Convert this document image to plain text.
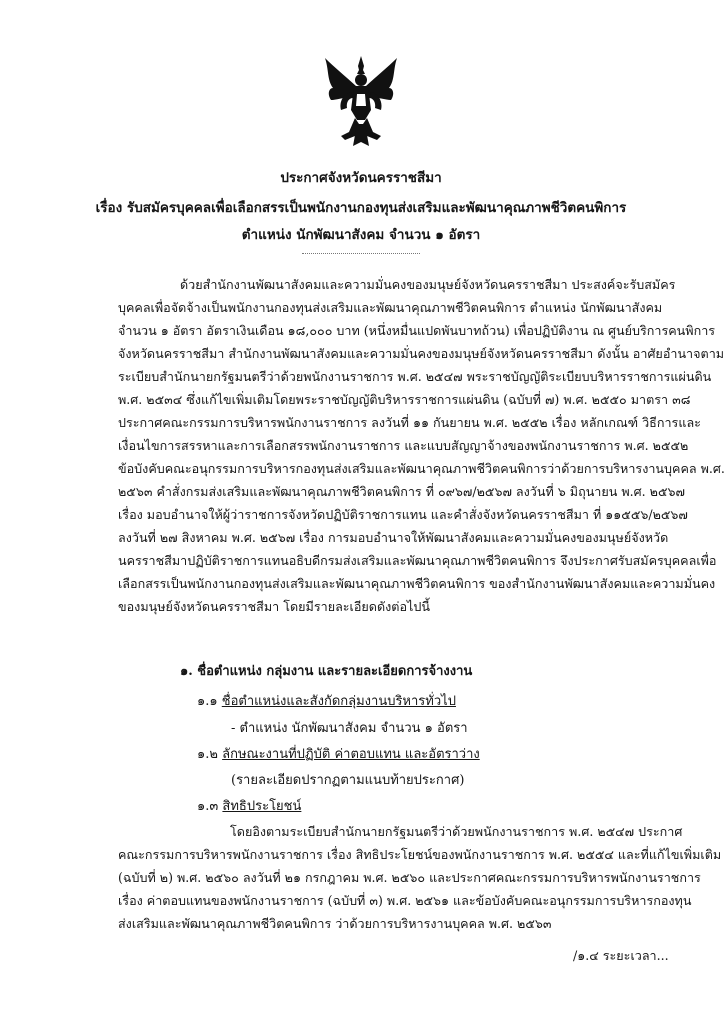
ประกาศจังหวัดนครราชสีมา
เรื่อง รับสมัครบุคคลเพื่อเลือกสรรเป็นพนักงานกองทุนส่งเสริมและพัฒนาคุณภาพชีวิตคนพิการ
ตำแหน่ง นักพัฒนาสังคม จำนวน ๑ อัตรา
ด้วยสำนักงานพัฒนาสังคมและความมั่นคงของมนุษย์จังหวัดนครราชสีมา ประสงค์จะรับสมัคร
บุคคลเพื่อจัดจ้างเป็นพนักงานกองทุนส่งเสริมและพัฒนาคุณภาพชีวิตคนพิการ ตำแหน่ง นักพัฒนาสังคม
จำนวน ๑ อัตรา อัตราเงินเดือน ๑๘,๐๐๐ บาท (หนึ่งหมื่นแปดพันบาทถ้วน) เพื่อปฏิบัติงาน ณ ศูนย์บริการคนพิการ
จังหวัดนครราชสีมา สำนักงานพัฒนาสังคมและความมั่นคงของมนุษย์จังหวัดนครราชสีมา ดังนั้น อาศัยอำนาจตาม
ระเบียบสำนักนายกรัฐมนตรีว่าด้วยพนักงานราชการ พ.ศ. ๒๕๔๗ พระราชบัญญัติระเบียบบริหารราชการแผ่นดิน
พ.ศ. ๒๕๓๔ ซึ่งแก้ไขเพิ่มเติมโดยพระราชบัญญัติบริหารราชการแผ่นดิน (ฉบับที่ ๗) พ.ศ. ๒๕๕๐ มาตรา ๓๘
ประกาศคณะกรรมการบริหารพนักงานราชการ ลงวันที่ ๑๑ กันยายน พ.ศ. ๒๕๕๒ เรื่อง หลักเกณฑ์ วิธีการและ
เงื่อนไขการสรรหาและการเลือกสรรพนักงานราชการ และแบบสัญญาจ้างของพนักงานราชการ พ.ศ. ๒๕๕๒
ข้อบังคับคณะอนุกรรมการบริหารกองทุนส่งเสริมและพัฒนาคุณภาพชีวิตคนพิการว่าด้วยการบริหารงานบุคคล พ.ศ.
๒๕๖๓ คำสั่งกรมส่งเสริมและพัฒนาคุณภาพชีวิตคนพิการ ที่ ๐๙๖๗/๒๕๖๗ ลงวันที่ ๖ มิถุนายน พ.ศ. ๒๕๖๗
เรื่อง มอบอำนาจให้ผู้ว่าราชการจังหวัดปฏิบัติราชการแทน และคำสั่งจังหวัดนครราชสีมา ที่ ๑๑๕๕๖/๒๕๖๗
ลงวันที่ ๒๗ สิงหาคม พ.ศ. ๒๕๖๗ เรื่อง การมอบอำนาจให้พัฒนาสังคมและความมั่นคงของมนุษย์จังหวัด
นครราชสีมาปฏิบัติราชการแทนอธิบดีกรมส่งเสริมและพัฒนาคุณภาพชีวิตคนพิการ จึงประกาศรับสมัครบุคคลเพื่อ
เลือกสรรเป็นพนักงานกองทุนส่งเสริมและพัฒนาคุณภาพชีวิตคนพิการ ของสำนักงานพัฒนาสังคมและความมั่นคง
ของมนุษย์จังหวัดนครราชสีมา โดยมีรายละเอียดดังต่อไปนี้
๑. ชื่อตำแหน่ง กลุ่มงาน และรายละเอียดการจ้างงาน
๑.๑ ชื่อตำแหน่งและสังกัดกลุ่มงานบริหารทั่วไป
- ตำแหน่ง นักพัฒนาสังคม จำนวน ๑ อัตรา
๑.๒ ลักษณะงานที่ปฏิบัติ ค่าตอบแทน และอัตราว่าง
(รายละเอียดปรากฏตามแนบท้ายประกาศ)
๑.๓ สิทธิประโยชน์
โดยอิงตามระเบียบสำนักนายกรัฐมนตรีว่าด้วยพนักงานราชการ พ.ศ. ๒๕๔๗ ประกาศ
คณะกรรมการบริหารพนักงานราชการ เรื่อง สิทธิประโยชน์ของพนักงานราชการ พ.ศ. ๒๕๕๔ และที่แก้ไขเพิ่มเติม
(ฉบับที่ ๒) พ.ศ. ๒๕๖๐ ลงวันที่ ๒๑ กรกฎาคม พ.ศ. ๒๕๖๐ และประกาศคณะกรรมการบริหารพนักงานราชการ
เรื่อง ค่าตอบแทนของพนักงานราชการ (ฉบับที่ ๓) พ.ศ. ๒๕๖๑ และข้อบังคับคณะอนุกรรมการบริหารกองทุน
ส่งเสริมและพัฒนาคุณภาพชีวิตคนพิการ ว่าด้วยการบริหารงานบุคคล พ.ศ. ๒๕๖๓
/๑.๔ ระยะเวลา...
